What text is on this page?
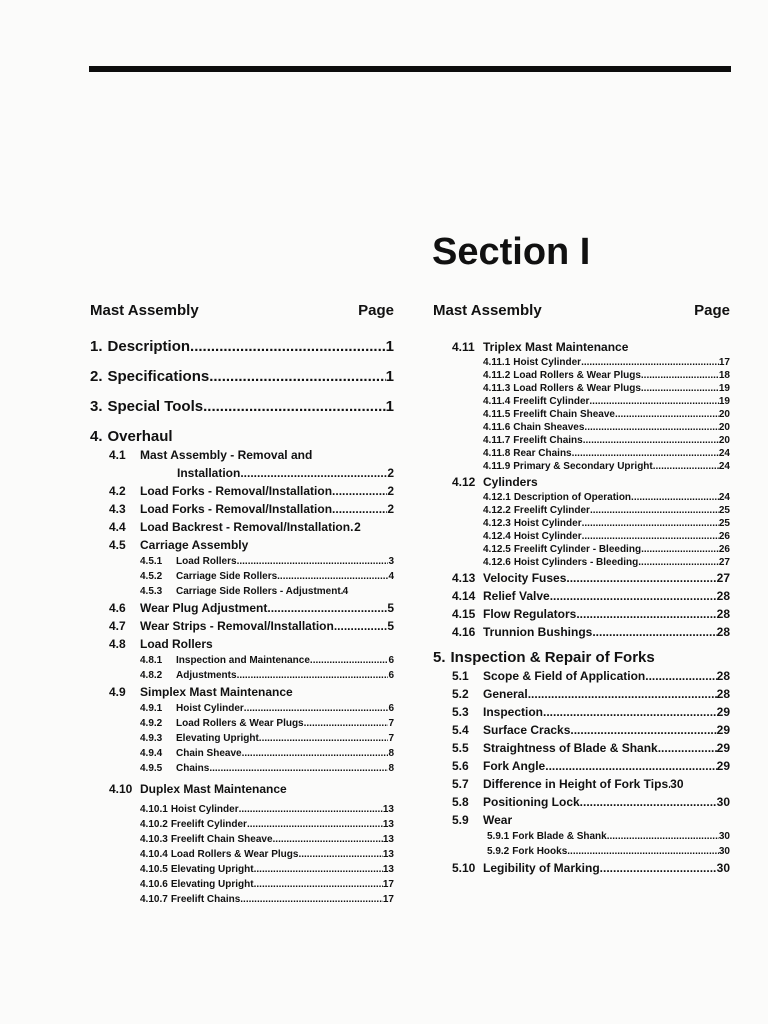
Section I
Mast Assembly	Page
1. Description .....	1
2. Specifications .....	1
3. Special Tools .....	1
4. Overhaul
4.1	Mast Assembly - Removal and
Installation .....	2
4.2	Load Forks - Removal/Installation .....	2
4.3	Load Forks - Removal/Installation .....	2
4.4	Load Backrest - Removal/Installation ..... 2
4.5	Carriage Assembly
4.5.1	Load Rollers .....	3
4.5.2	Carriage Side Rollers .....	4
4.5.3	Carriage Side Rollers - Adjustment ..... 4
4.6	Wear Plug Adjustment .....	5
4.7	Wear Strips - Removal/Installation .....	5
4.8	Load Rollers
4.8.1	Inspection and Maintenance .....	6
4.8.2	Adjustments .....	6
4.9	Simplex Mast Maintenance
4.9.1	Hoist Cylinder .....	6
4.9.2	Load Rollers & Wear Plugs .....	7
4.9.3	Elevating Upright .....	7
4.9.4	Chain Sheave .....	8
4.9.5	Chains .....	8
4.10 Duplex Mast Maintenance
4.10.1 Hoist Cylinder .....	13
4.10.2 Freelift Cylinder .....	13
4.10.3 Freelift Chain Sheave .....	13
4.10.4 Load Rollers & Wear Plugs .....	13
4.10.5 Elevating Upright .....	13
4.10.6 Elevating Upright .....	17
4.10.7 Freelift Chains .....	17
Mast Assembly	Page
4.11 Triplex Mast Maintenance
4.11.1 Hoist Cylinder .....	17
4.11.2 Load Rollers & Wear Plugs .....	18
4.11.3 Load Rollers & Wear Plugs .....	19
4.11.4 Freelift Cylinder .....	19
4.11.5 Freelift Chain Sheave .....	20
4.11.6 Chain Sheaves .....	20
4.11.7 Freelift Chains .....	20
4.11.8 Rear Chains .....	24
4.11.9 Primary & Secondary Upright .....	24
4.12 Cylinders
4.12.1 Description of Operation .....	24
4.12.2 Freelift Cylinder .....	25
4.12.3 Hoist Cylinder .....	25
4.12.4 Hoist Cylinder .....	26
4.12.5 Freelift Cylinder - Bleeding .....	26
4.12.6 Hoist Cylinders - Bleeding .....	27
4.13 Velocity Fuses .....	27
4.14 Relief Valve .....	28
4.15 Flow Regulators .....	28
4.16 Trunnion Bushings .....	28
5. Inspection & Repair of Forks
5.1	Scope & Field of Application .....	28
5.2	General .....	28
5.3	Inspection .....	29
5.4	Surface Cracks .....	29
5.5	Straightness of Blade & Shank .....	29
5.6	Fork Angle .....	29
5.7	Difference in Height of Fork Tips ..... 30
5.8	Positioning Lock .....	30
5.9	Wear
5.9.1 Fork Blade & Shank .....	30
5.9.2 Fork Hooks .....	30
5.10 Legibility of Marking .....	30
